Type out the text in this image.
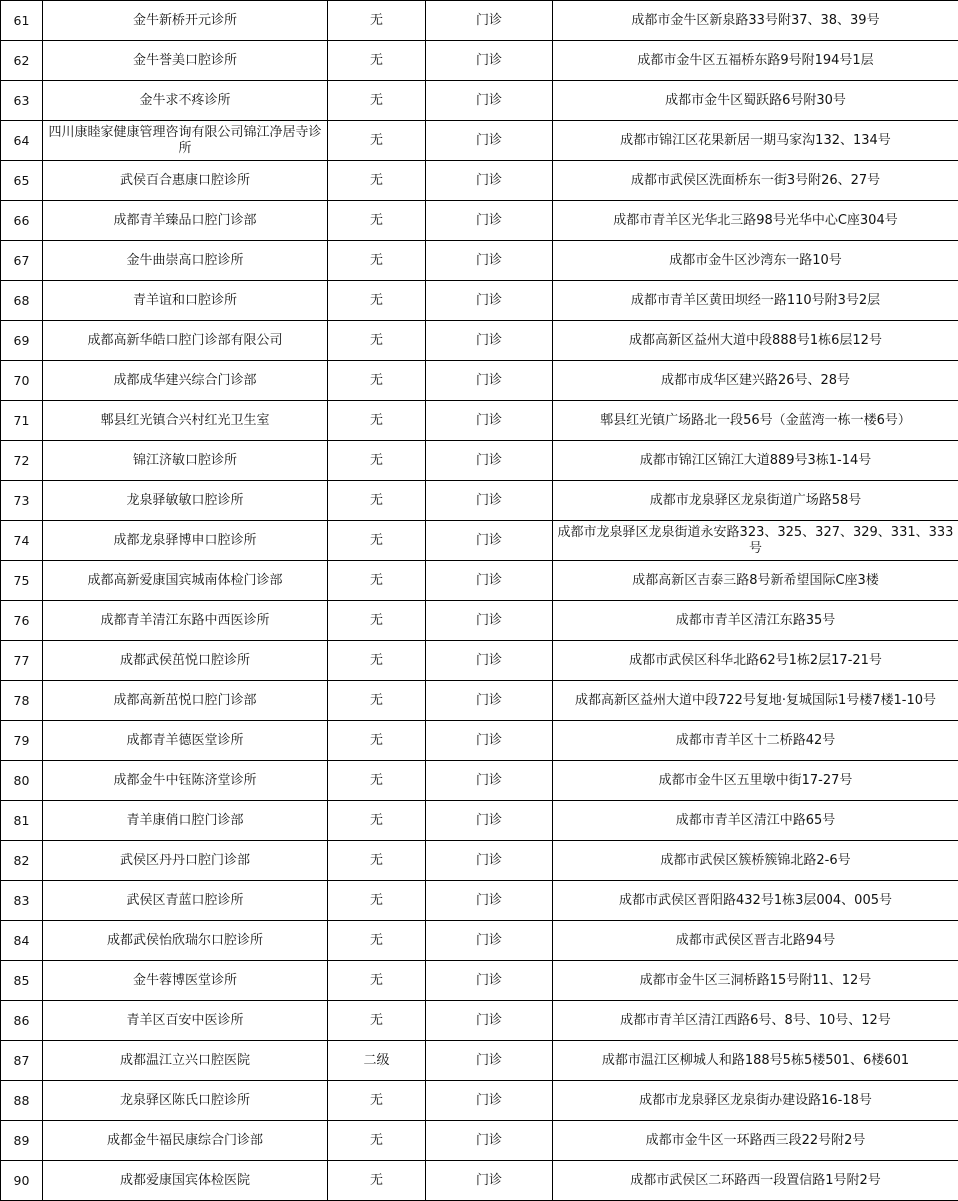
61	金牛新桥开元诊所	无	门诊	成都市金牛区新泉路33号附37、38、39号
62	金牛誉美口腔诊所	无	门诊	成都市金牛区五福桥东路9号附194号1层
63	金牛求不疼诊所	无	门诊	成都市金牛区蜀跃路6号附30号
64	四川康睦家健康管理咨询有限公司锦江净居寺诊所	无	门诊	成都市锦江区花果新居一期马家沟132、134号
65	武侯百合惠康口腔诊所	无	门诊	成都市武侯区洗面桥东一街3号附26、27号
66	成都青羊臻品口腔门诊部	无	门诊	成都市青羊区光华北三路98号光华中心C座304号
67	金牛曲崇高口腔诊所	无	门诊	成都市金牛区沙湾东一路10号
68	青羊谊和口腔诊所	无	门诊	成都市青羊区黄田坝经一路110号附3号2层
69	成都高新华皓口腔门诊部有限公司	无	门诊	成都高新区益州大道中段888号1栋6层12号
70	成都成华建兴综合门诊部	无	门诊	成都市成华区建兴路26号、28号
71	郫县红光镇合兴村红光卫生室	无	门诊	郫县红光镇广场路北一段56号（金蓝湾一栋一楼6号）
72	锦江济敏口腔诊所	无	门诊	成都市锦江区锦江大道889号3栋1-14号
73	龙泉驿敏敏口腔诊所	无	门诊	成都市龙泉驿区龙泉街道广场路58号
74	成都龙泉驿博申口腔诊所	无	门诊	成都市龙泉驿区龙泉街道永安路323、325、327、329、331、333号
75	成都高新爱康国宾城南体检门诊部	无	门诊	成都高新区吉泰三路8号新希望国际C座3楼
76	成都青羊清江东路中西医诊所	无	门诊	成都市青羊区清江东路35号
77	成都武侯茁悦口腔诊所	无	门诊	成都市武侯区科华北路62号1栋2层17-21号
78	成都高新茁悦口腔门诊部	无	门诊	成都高新区益州大道中段722号复地·复城国际1号楼7楼1-10号
79	成都青羊德医堂诊所	无	门诊	成都市青羊区十二桥路42号
80	成都金牛中钰陈济堂诊所	无	门诊	成都市金牛区五里墩中街17-27号
81	青羊康俏口腔门诊部	无	门诊	成都市青羊区清江中路65号
82	武侯区丹丹口腔门诊部	无	门诊	成都市武侯区簇桥簇锦北路2-6号
83	武侯区青蓝口腔诊所	无	门诊	成都市武侯区晋阳路432号1栋3层004、005号
84	成都武侯怡欣瑞尔口腔诊所	无	门诊	成都市武侯区晋吉北路94号
85	金牛蓉博医堂诊所	无	门诊	成都市金牛区三洞桥路15号附11、12号
86	青羊区百安中医诊所	无	门诊	成都市青羊区清江西路6号、8号、10号、12号
87	成都温江立兴口腔医院	二级	门诊	成都市温江区柳城人和路188号5栋5楼501、6楼601
88	龙泉驿区陈氏口腔诊所	无	门诊	成都市龙泉驿区龙泉街办建设路16-18号
89	成都金牛福民康综合门诊部	无	门诊	成都市金牛区一环路西三段22号附2号
90	成都爱康国宾体检医院	无	门诊	成都市武侯区二环路西一段置信路1号附2号
